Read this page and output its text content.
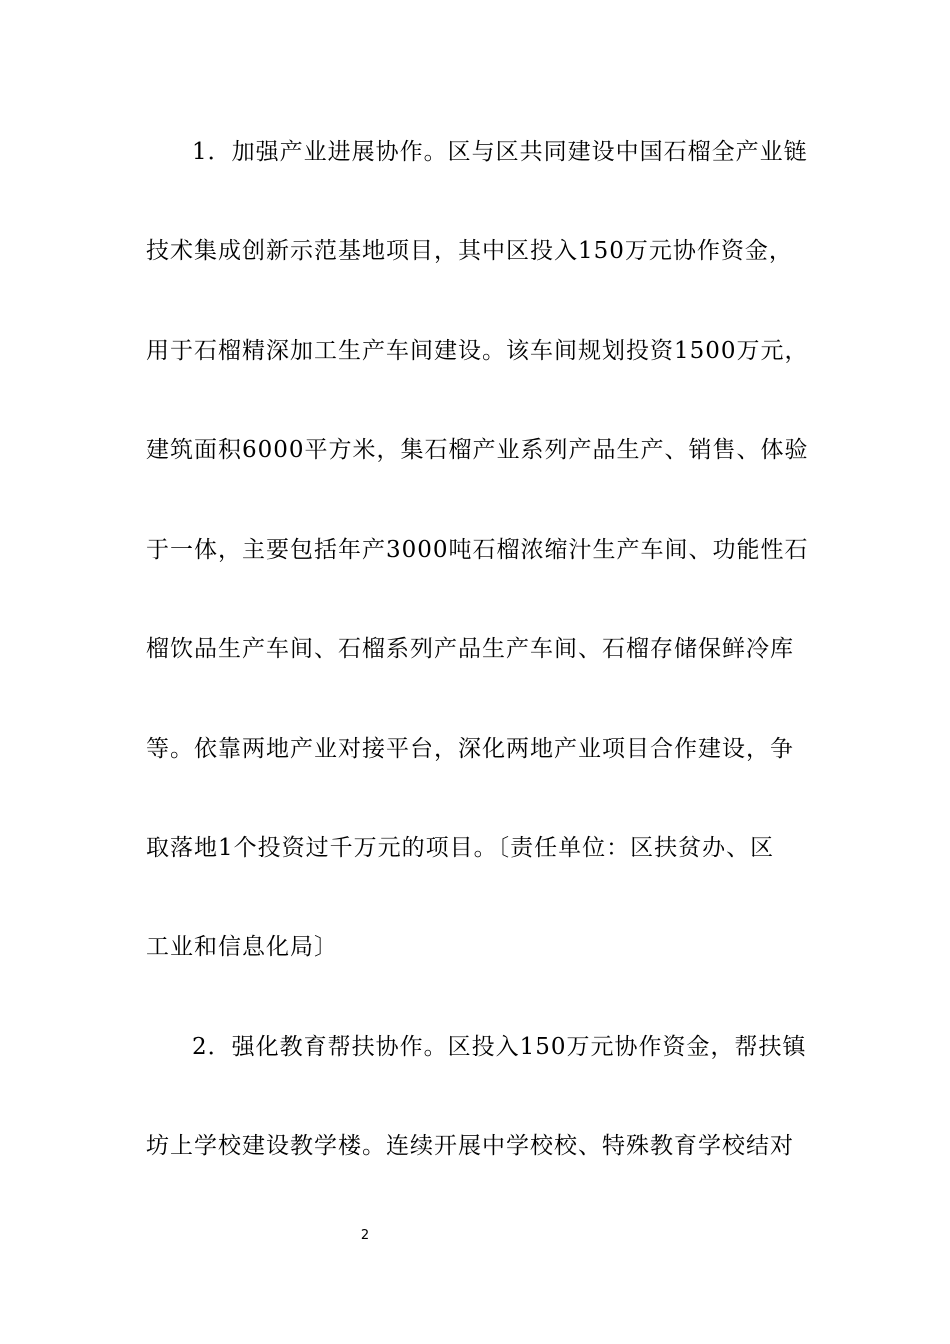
1．加强产业进展协作。区与区共同建设中国石榴全产业链
技术集成创新示范基地项目，其中区投入150万元协作资金，
用于石榴精深加工生产车间建设。该车间规划投资1500万元，
建筑面积6000平方米，集石榴产业系列产品生产、销售、体验
于一体，主要包括年产3000吨石榴浓缩汁生产车间、功能性石
榴饮品生产车间、石榴系列产品生产车间、石榴存储保鲜冷库
等。依靠两地产业对接平台，深化两地产业项目合作建设，争
取落地1个投资过千万元的项目。〔责任单位：区扶贫办、区
工业和信息化局〕
2．强化教育帮扶协作。区投入150万元协作资金，帮扶镇
坊上学校建设教学楼。连续开展中学校校、特殊教育学校结对
2
